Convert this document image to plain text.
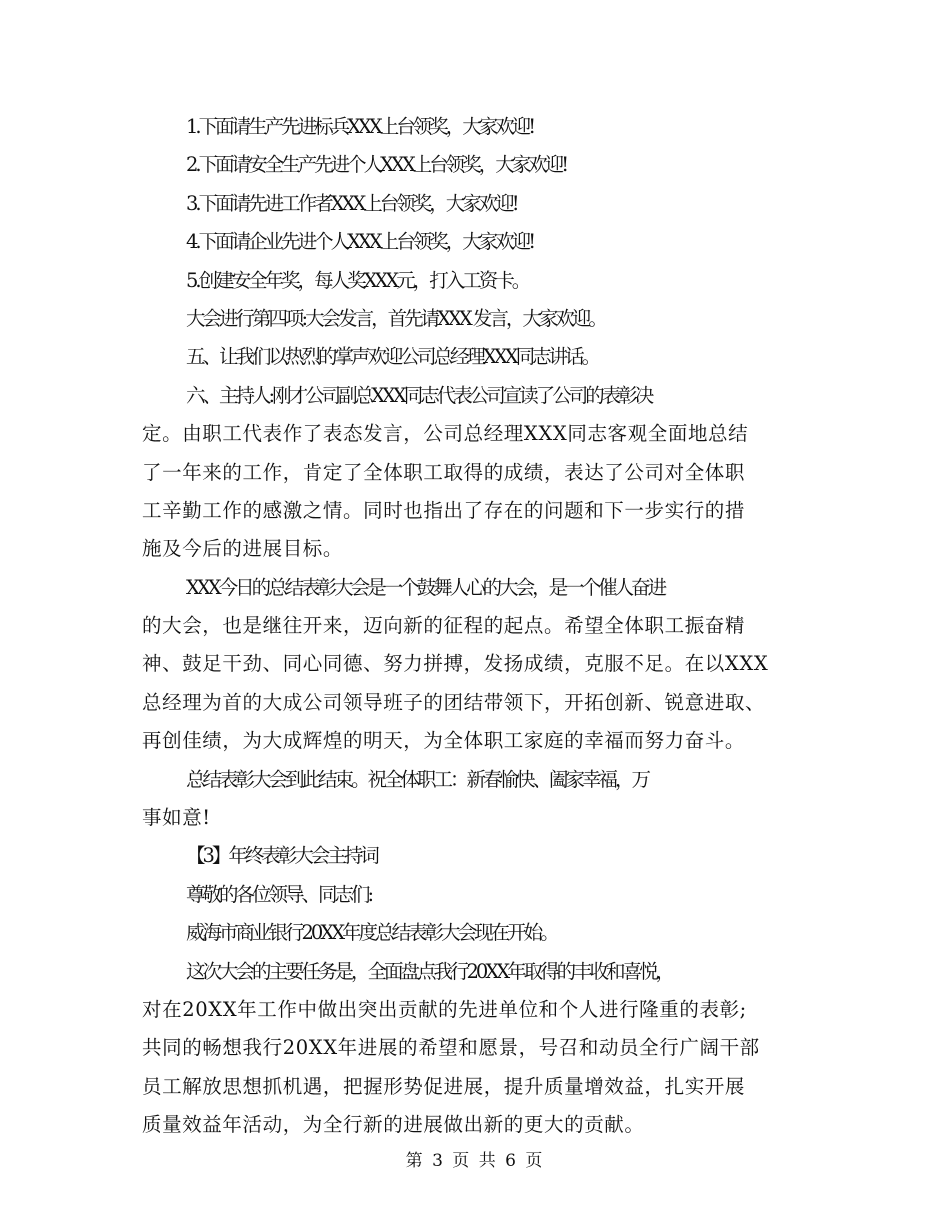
1.下面请生产先进标兵XXX上台领奖，大家欢迎!
2.下面请安全生产先进个人XXX上台领奖，大家欢迎!
3.下面请先进工作者XXX上台领奖，大家欢迎!
4.下面请企业先进个人XXX上台领奖，大家欢迎!
5.创建安全年奖，每人奖XXX元，打入工资卡。
大会进行第四项:大会发言，首先请XXX 发言，大家欢迎。
五、让我们以热烈的掌声欢迎公司总经理XXX同志讲话。
六、主持人:刚才公司副总XXX同志代表公司宣读了公司的表彰决
定。由职工代表作了表态发言，公司总经理XXX同志客观全面地总结
了一年来的工作，肯定了全体职工取得的成绩，表达了公司对全体职
工辛勤工作的感激之情。同时也指出了存在的问题和下一步实行的措
施及今后的进展目标。
XXX今日的总结表彰大会是一个鼓舞人心的大会，是一个催人奋进
的大会，也是继往开来，迈向新的征程的起点。希望全体职工振奋精
神、鼓足干劲、同心同德、努力拼搏，发扬成绩，克服不足。在以XXX
总经理为首的大成公司领导班子的团结带领下，开拓创新、锐意进取、
再创佳绩，为大成辉煌的明天，为全体职工家庭的幸福而努力奋斗。
总结表彰大会到此结束。祝全体职工：新春愉快、阖家幸福，万
事如意!
【3】年终表彰大会主持词
尊敬的各位领导、同志们:
威海市商业银行20XX年度总结表彰大会现在开始。
这次大会的主要任务是，全面盘点我行20XX年取得的丰收和喜悦，
对在20XX年工作中做出突出贡献的先进单位和个人进行隆重的表彰;
共同的畅想我行20XX年进展的希望和愿景，号召和动员全行广阔干部
员工解放思想抓机遇，把握形势促进展，提升质量增效益，扎实开展
质量效益年活动，为全行新的进展做出新的更大的贡献。
第 3 页 共 6 页
